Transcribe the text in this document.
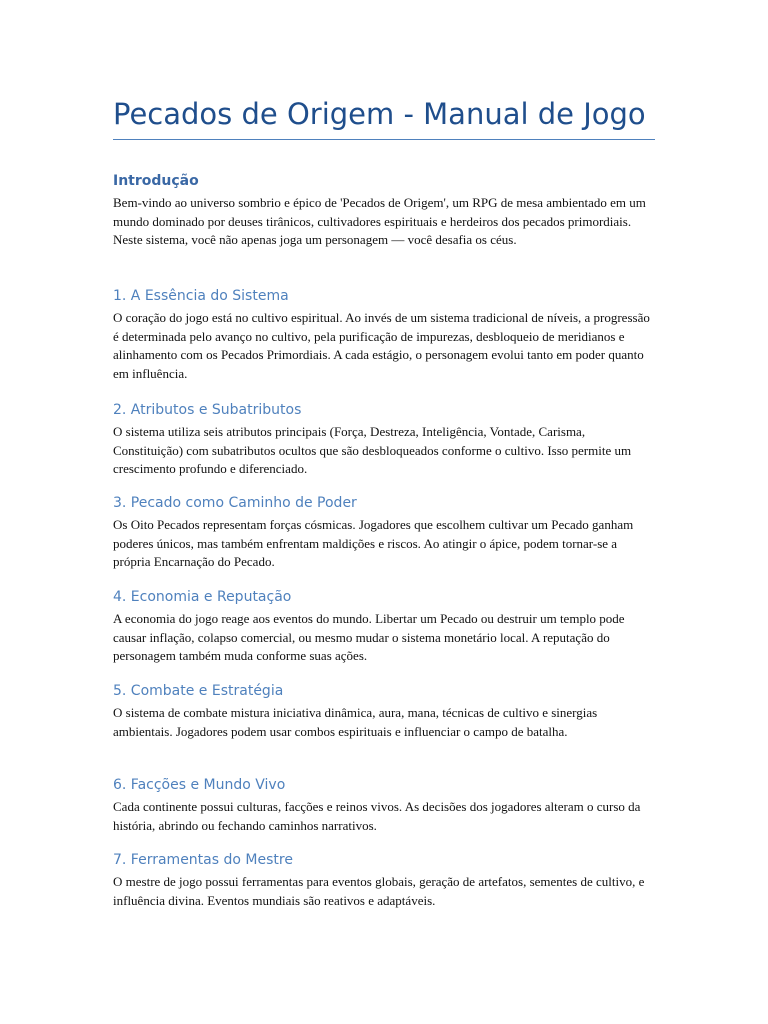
Pecados de Origem - Manual de Jogo
Introdução

Bem-vindo ao universo sombrio e épico de 'Pecados de Origem', um RPG de mesa ambientado em um mundo dominado por deuses tirânicos, cultivadores espirituais e herdeiros dos pecados primordiais. Neste sistema, você não apenas joga um personagem — você desafia os céus.

1. A Essência do Sistema

O coração do jogo está no cultivo espiritual. Ao invés de um sistema tradicional de níveis, a progressão é determinada pelo avanço no cultivo, pela purificação de impurezas, desbloqueio de meridianos e alinhamento com os Pecados Primordiais. A cada estágio, o personagem evolui tanto em poder quanto em influência.

2. Atributos e Subatributos

O sistema utiliza seis atributos principais (Força, Destreza, Inteligência, Vontade, Carisma, Constituição) com subatributos ocultos que são desbloqueados conforme o cultivo. Isso permite um crescimento profundo e diferenciado.

3. Pecado como Caminho de Poder

Os Oito Pecados representam forças cósmicas. Jogadores que escolhem cultivar um Pecado ganham poderes únicos, mas também enfrentam maldições e riscos. Ao atingir o ápice, podem tornar-se a própria Encarnação do Pecado.

4. Economia e Reputação

A economia do jogo reage aos eventos do mundo. Libertar um Pecado ou destruir um templo pode causar inflação, colapso comercial, ou mesmo mudar o sistema monetário local. A reputação do personagem também muda conforme suas ações.

5. Combate e Estratégia

O sistema de combate mistura iniciativa dinâmica, aura, mana, técnicas de cultivo e sinergias ambientais. Jogadores podem usar combos espirituais e influenciar o campo de batalha.

6. Facções e Mundo Vivo

Cada continente possui culturas, facções e reinos vivos. As decisões dos jogadores alteram o curso da história, abrindo ou fechando caminhos narrativos.

7. Ferramentas do Mestre

O mestre de jogo possui ferramentas para eventos globais, geração de artefatos, sementes de cultivo, e influência divina. Eventos mundiais são reativos e adaptáveis.
